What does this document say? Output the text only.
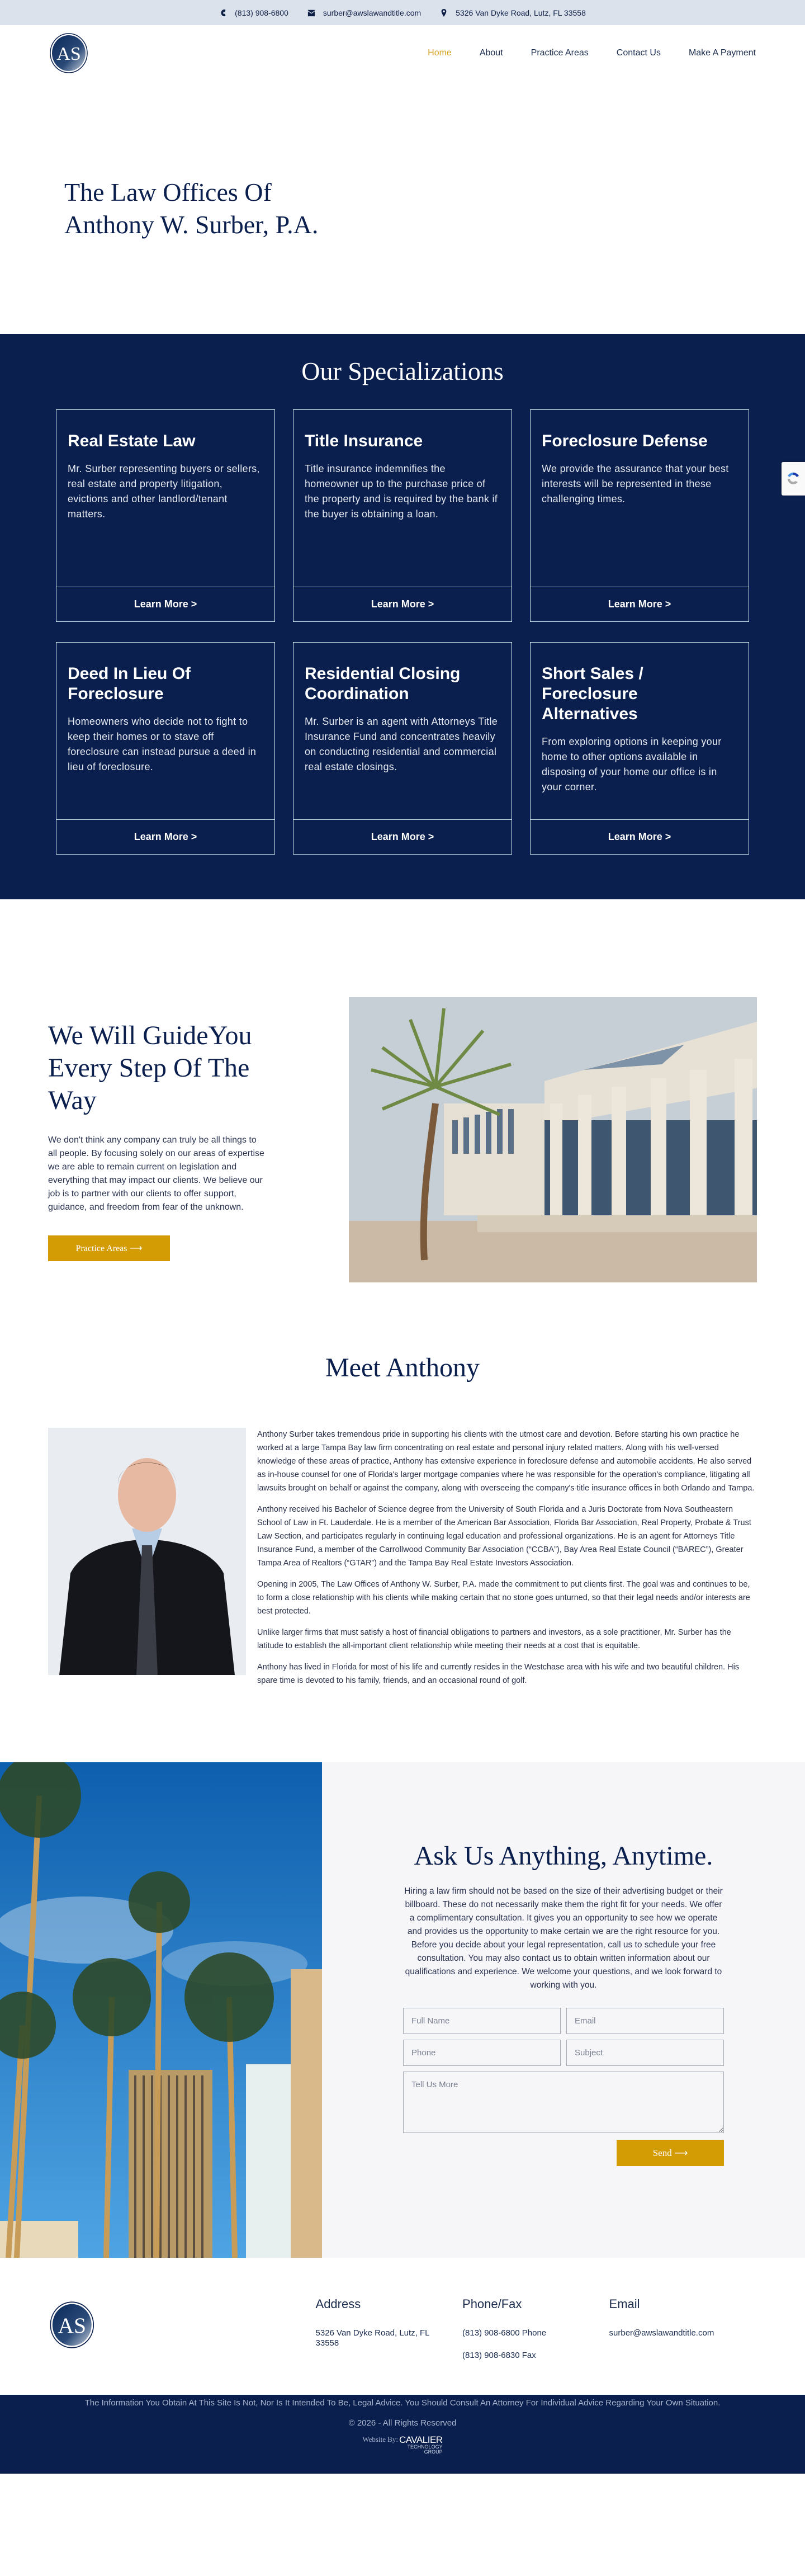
(813) 908-6800	surber@awslawandtitle.com	5326 Van Dyke Road, Lutz, FL 33558
AS	Home	About	Practice Areas	Contact Us	Make A Payment
The Law Offices Of
Anthony W. Surber, P.A.
Our Specializations
Real Estate Law

Mr. Surber representing buyers or sellers, real estate and property litigation, evictions and other landlord/tenant matters.

Learn More >
Title Insurance

Title insurance indemnifies the homeowner up to the purchase price of the property and is required by the bank if the buyer is obtaining a loan.

Learn More >
Foreclosure Defense

We provide the assurance that your best interests will be represented in these challenging times.

Learn More >
Deed In Lieu Of Foreclosure

Homeowners who decide not to fight to keep their homes or to stave off foreclosure can instead pursue a deed in lieu of foreclosure.

Learn More >
Residential Closing Coordination

Mr. Surber is an agent with Attorneys Title Insurance Fund and concentrates heavily on conducting residential and commercial real estate closings.

Learn More >
Short Sales / Foreclosure Alternatives

From exploring options in keeping your home to other options available in disposing of your home our office is in your corner.

Learn More >
We Will GuideYou Every Step Of The Way

We don't think any company can truly be all things to all people. By focusing solely on our areas of expertise we are able to remain current on legislation and everything that may impact our clients. We believe our job is to partner with our clients to offer support, guidance, and freedom from fear of the unknown.

Practice Areas ⟶
Meet Anthony

Anthony Surber takes tremendous pride in supporting his clients with the utmost care and devotion. Before starting his own practice he worked at a large Tampa Bay law firm concentrating on real estate and personal injury related matters. Along with his well-versed knowledge of these areas of practice, Anthony has extensive experience in foreclosure defense and automobile accidents. He also served as in-house counsel for one of Florida's larger mortgage companies where he was responsible for the operation's compliance, litigating all lawsuits brought on behalf or against the company, along with overseeing the company's title insurance offices in both Orlando and Tampa.

Anthony received his Bachelor of Science degree from the University of South Florida and a Juris Doctorate from Nova Southeastern School of Law in Ft. Lauderdale. He is a member of the American Bar Association, Florida Bar Association, Real Property, Probate & Trust Law Section, and participates regularly in continuing legal education and professional organizations. He is an agent for Attorneys Title Insurance Fund, a member of the Carrollwood Community Bar Association (“CCBA”), Bay Area Real Estate Council (“BAREC”), Greater Tampa Area of Realtors (“GTAR”) and the Tampa Bay Real Estate Investors Association.

Opening in 2005, The Law Offices of Anthony W. Surber, P.A. made the commitment to put clients first. The goal was and continues to be, to form a close relationship with his clients while making certain that no stone goes unturned, so that their legal needs and/or interests are best protected.

Unlike larger firms that must satisfy a host of financial obligations to partners and investors, as a sole practitioner, Mr. Surber has the latitude to establish the all-important client relationship while meeting their needs at a cost that is equitable.

Anthony has lived in Florida for most of his life and currently resides in the Westchase area with his wife and two beautiful children. His spare time is devoted to his family, friends, and an occasional round of golf.

Ask Us Anything, Anytime.

Hiring a law firm should not be based on the size of their advertising budget or their billboard. These do not necessarily make them the right fit for your needs. We offer a complimentary consultation. It gives you an opportunity to see how we operate and provides us the opportunity to make certain we are the right resource for you. Before you decide about your legal representation, call us to schedule your free consultation. You may also contact us to obtain written information about our qualifications and experience. We welcome your questions, and we look forward to working with you.

Full Name
Email
Phone
Subject
Tell Us More
Send ⟶
AS
Address
5326 Van Dyke Road, Lutz, FL 33558
Phone/Fax
(813) 908-6800 Phone
(813) 908-6830 Fax
Email
surber@awslawandtitle.com
The Information You Obtain At This Site Is Not, Nor Is It Intended To Be, Legal Advice. You Should Consult An Attorney For Individual Advice Regarding Your Own Situation.
© 2026 - All Rights Reserved
Website By: CAVALIER
TECHNOLOGY
GROUP
